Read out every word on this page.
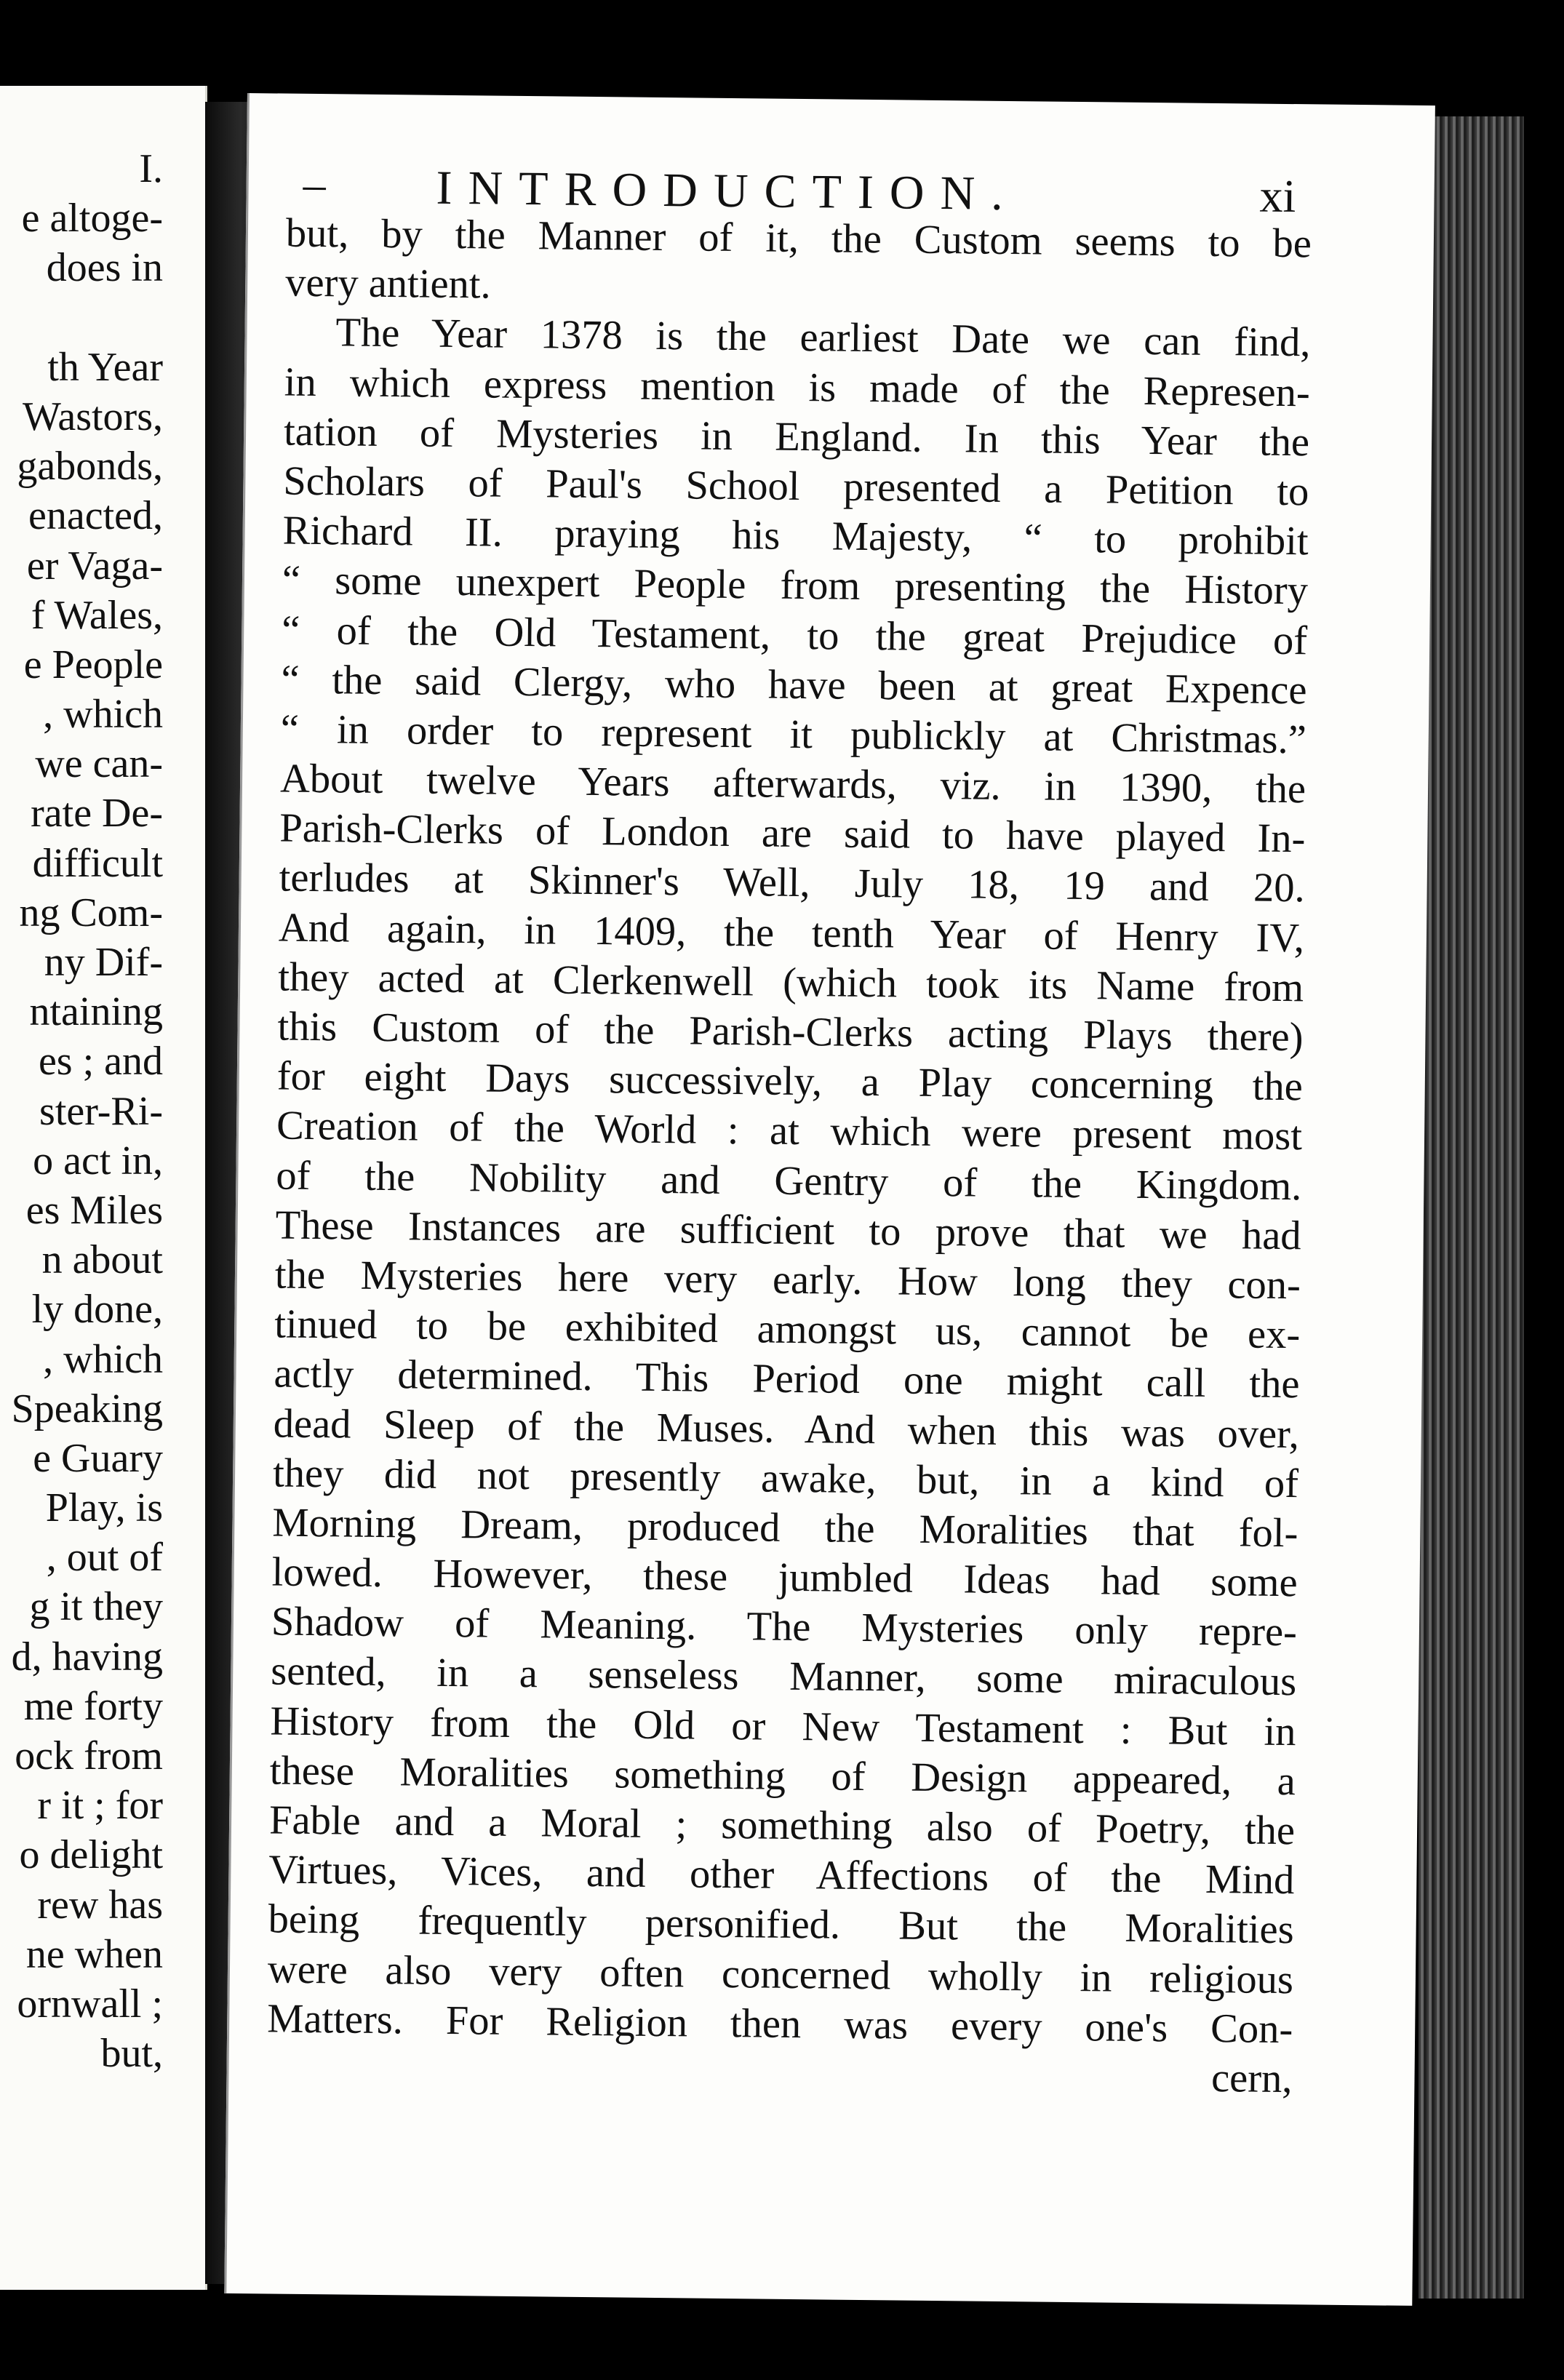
I.
e altoge-
does in
th Year
Wastors,
gabonds,
enacted,
er Vaga-
f Wales,
e People
, which
we can-
rate De-
difficult
ng Com-
ny Dif-
ntaining
es ; and
ster-Ri-
o act in,
es Miles
n about
ly done,
, which
Speaking
e Guary
Play, is
, out of
g it they
d, having
me forty
ock from
r it ; for
o delight
rew has
ne when
ornwall ;
but,
– INTRODUCTION.	xi
but, by the Manner of it, the Custom seems to be
very antient.
The Year 1378 is the earliest Date we can find,
in which express mention is made of the Represen-
tation of Mysteries in England. In this Year the
Scholars of Paul's School presented a Petition to
Richard II. praying his Majesty, “ to prohibit
“ some unexpert People from presenting the History
“ of the Old Testament, to the great Prejudice of
“ the said Clergy, who have been at great Expence
“ in order to represent it publickly at Christmas.”
About twelve Years afterwards, viz. in 1390, the
Parish-Clerks of London are said to have played In-
terludes at Skinner's Well, July 18, 19 and 20.
And again, in 1409, the tenth Year of Henry IV,
they acted at Clerkenwell (which took its Name from
this Custom of the Parish-Clerks acting Plays there)
for eight Days successively, a Play concerning the
Creation of the World : at which were present most
of the Nobility and Gentry of the Kingdom.
These Instances are sufficient to prove that we had
the Mysteries here very early. How long they con-
tinued to be exhibited amongst us, cannot be ex-
actly determined. This Period one might call the
dead Sleep of the Muses. And when this was over,
they did not presently awake, but, in a kind of
Morning Dream, produced the Moralities that fol-
lowed. However, these jumbled Ideas had some
Shadow of Meaning. The Mysteries only repre-
sented, in a senseless Manner, some miraculous
History from the Old or New Testament : But in
these Moralities something of Design appeared, a
Fable and a Moral ; something also of Poetry, the
Virtues, Vices, and other Affections of the Mind
being frequently personified. But the Moralities
were also very often concerned wholly in religious
Matters. For Religion then was every one's Con-
cern,
